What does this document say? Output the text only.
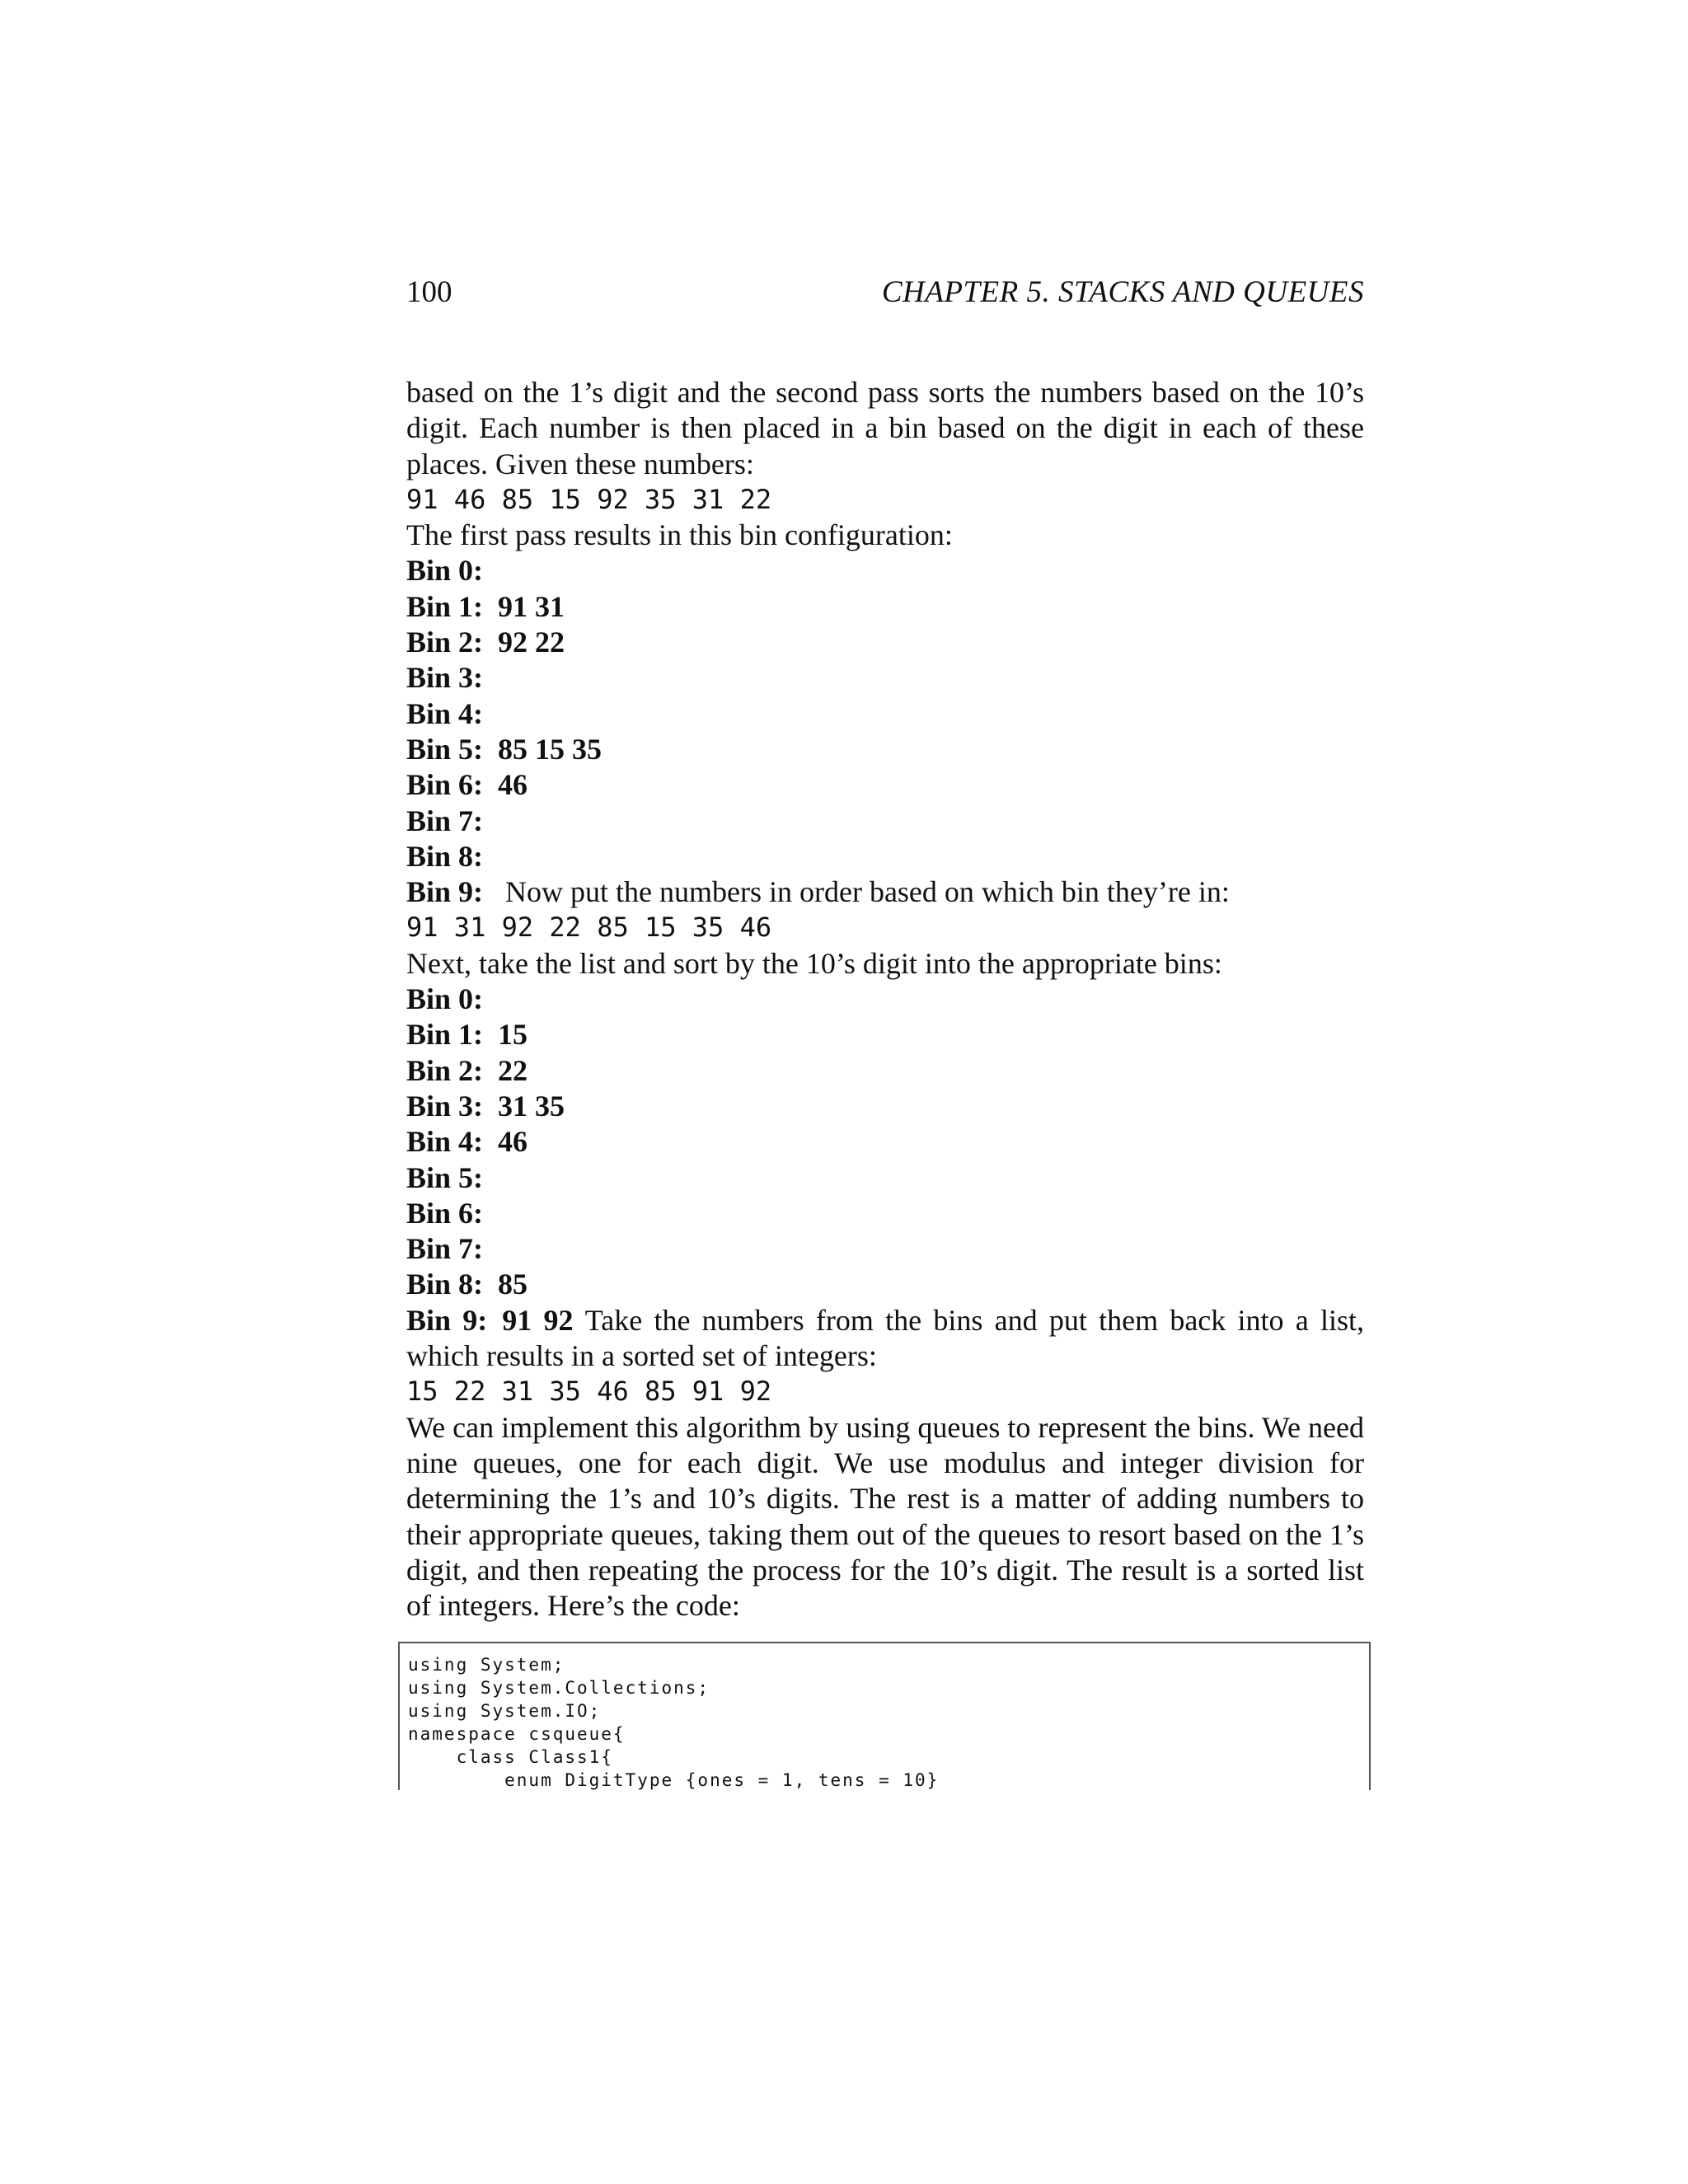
100	CHAPTER 5. STACKS AND QUEUES
based on the 1’s digit and the second pass sorts the numbers based on the 10’s digit. Each number is then placed in a bin based on the digit in each of these places. Given these numbers:
91 46 85 15 92 35 31 22
The first pass results in this bin configuration:
Bin 0:
Bin 1: 91 31
Bin 2: 92 22
Bin 3:
Bin 4:
Bin 5: 85 15 35
Bin 6: 46
Bin 7:
Bin 8:
Bin 9: Now put the numbers in order based on which bin they’re in:
91 31 92 22 85 15 35 46
Next, take the list and sort by the 10’s digit into the appropriate bins:
Bin 0:
Bin 1: 15
Bin 2: 22
Bin 3: 31 35
Bin 4: 46
Bin 5:
Bin 6:
Bin 7:
Bin 8: 85
Bin 9: 91 92 Take the numbers from the bins and put them back into a list, which results in a sorted set of integers:
15 22 31 35 46 85 91 92
We can implement this algorithm by using queues to represent the bins. We need nine queues, one for each digit. We use modulus and integer division for determining the 1’s and 10’s digits. The rest is a matter of adding numbers to their appropriate queues, taking them out of the queues to resort based on the 1’s digit, and then repeating the process for the 10’s digit. The result is a sorted list of integers. Here’s the code:
using System;
using System.Collections;
using System.IO;
namespace csqueue{
class Class1{
enum DigitType {ones = 1, tens = 10}
